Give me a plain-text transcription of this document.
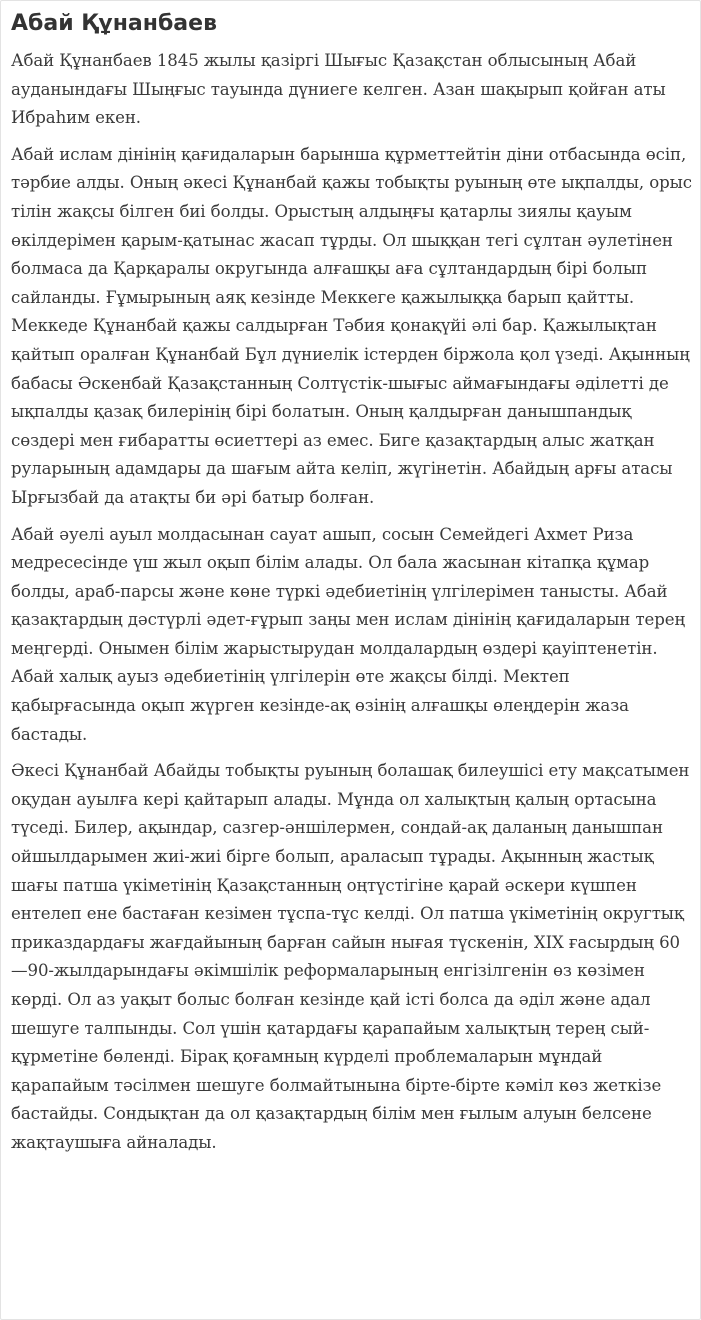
Абай Құнанбаев

Абай Құнанбаев 1845 жылы қазіргі Шығыс Қазақстан облысының Абай ауданындағы Шыңғыс тауында дүниеге келген. Азан шақырып қойған аты Ибраһим екен.

Абай ислам дінінің қағидаларын барынша құрметтейтін діни отбасында өсіп, тәрбие алды. Оның әкесі Құнанбай қажы тобықты руының өте ықпалды, орыс тілін жақсы білген биі болды. Орыстың алдыңғы қатарлы зиялы қауым өкілдерімен қарым-қатынас жасап тұрды. Ол шыққан тегі сұлтан әулетінен болмаса да Қарқаралы округында алғашқы аға сұлтандардың бірі болып сайланды. Ғұмырының аяқ кезінде Меккеге қажылыққа барып қайтты. Меккеде Құнанбай қажы салдырған Тәбия қонақүйі әлі бар. Қажылықтан қайтып оралған Құнанбай Бұл дүниелік істерден біржола қол үзеді. Ақынның бабасы Әскенбай Қазақстанның Солтүстік-шығыс аймағындағы әділетті де ықпалды қазақ билерінің бірі болатын. Оның қалдырған данышпандық сөздері мен ғибаратты өсиеттері аз емес. Биге қазақтардың алыс жатқан руларының адамдары да шағым айта келіп, жүгінетін. Абайдың арғы атасы Ырғызбай да атақты би әрі батыр болған.

Абай әуелі ауыл молдасынан сауат ашып, сосын Семейдегі Ахмет Риза медресесінде үш жыл оқып білім алады. Ол бала жасынан кітапқа құмар болды, араб-парсы және көне түркі әдебиетінің үлгілерімен танысты. Абай қазақтардың дәстүрлі әдет-ғұрып заңы мен ислам дінінің қағидаларын терең меңгерді. Онымен білім жарыстырудан молдалардың өздері қауіптенетін. Абай халық ауыз әдебиетінің үлгілерін өте жақсы білді. Мектеп қабырғасында оқып жүрген кезінде-ақ өзінің алғашқы өлеңдерін жаза бастады.

Әкесі Құнанбай Абайды тобықты руының болашақ билеушісі ету мақсатымен оқудан ауылға кері қайтарып алады. Мұнда ол халықтың қалың ортасына түседі. Билер, ақындар, сазгер-әншілермен, сондай-ақ даланың данышпан ойшылдарымен жиі-жиі бірге болып, араласып тұрады. Ақынның жастық шағы патша үкіметінің Қазақстанның оңтүстігіне қарай әскери күшпен ентелеп ене бастаған кезімен тұспа-тұс келді. Ол патша үкіметінің округтық приказдардағы жағдайының барған сайын нығая түскенін, XIX ғасырдың 60—90-жылдарындағы әкімшілік реформаларының енгізілгенін өз көзімен көрді. Ол аз уақыт болыс болған кезінде қай істі болса да әділ және адал шешуге талпынды. Сол үшін қатардағы қарапайым халықтың терең сый-құрметіне бөленді. Бірақ қоғамның күрделі проблемаларын мұндай қарапайым тәсілмен шешуге болмайтынына бірте-бірте кәміл көз жеткізе бастайды. Сондықтан да ол қазақтардың білім мен ғылым алуын белсене жақтаушыға айналады.
